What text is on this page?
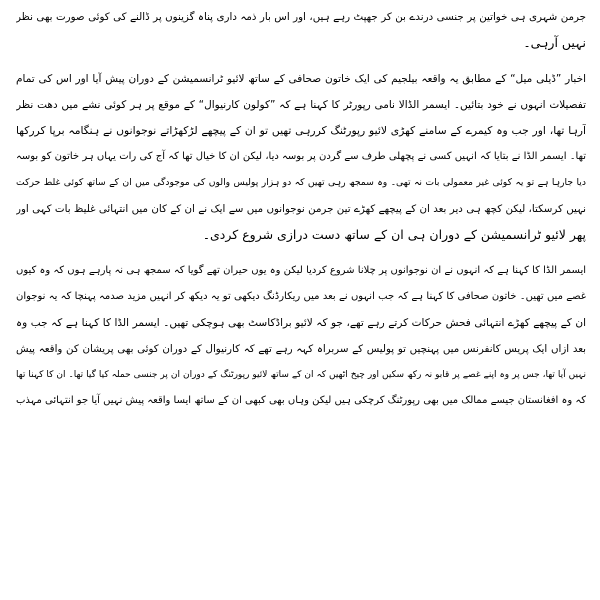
جرمن شہری ہی خواتین پر جنسی درندے بن کر جھپٹ رہے ہیں، اور اس بار ذمہ داری پناہ گزینوں پر ڈالنے کی کوئی صورت بھی نظر
نہیں آرہی۔
اخبار ”ڈیلی میل“ کے مطابق یہ واقعہ بیلجیم کی ایک خاتون صحافی کے ساتھ لائیو ٹرانسمیشن کے دوران پیش آیا اور اس کی تمام
تفصیلات انہوں نے خود بتائیں۔ ایسمر الڈالا نامی رپورٹر کا کہنا ہے کہ ”کولون کارنیوال“ کے موقع پر ہر کوئی نشے میں دھت نظر
آرہا تھا، اور جب وہ کیمرے کے سامنے کھڑی لائیو رپورٹنگ کررہی تھیں تو ان کے پیچھے لڑکھڑاتے نوجوانوں نے ہنگامہ برپا کررکھا
تھا۔ ایسمر الڈا نے بتایا کہ انہیں کسی نے پچھلی طرف سے گردن پر بوسہ دیا، لیکن ان کا خیال تھا کہ آج کی رات یہاں ہر خاتون کو بوسہ
دیا جارہا ہے تو یہ کوئی غیر معمولی بات نہ تھی۔ وہ سمجھ رہی تھیں کہ دو ہزار پولیس والوں کی موجودگی میں ان کے ساتھ کوئی غلط حرکت
نہیں کرسکتا، لیکن کچھ ہی دیر بعد ان کے پیچھے کھڑے تین جرمن نوجوانوں میں سے ایک نے ان کے کان میں انتہائی غلیظ بات کہی اور
پھر لائیو ٹرانسمیشن کے دوران ہی ان کے ساتھ دست درازی شروع کردی۔
ایسمر الڈا کا کہنا ہے کہ انہوں نے ان نوجوانوں پر چلانا شروع کردیا لیکن وہ یوں حیران تھے گویا کہ سمجھ ہی نہ پارہے ہوں کہ وہ کیوں
غصے میں تھیں۔ خاتون صحافی کا کہنا ہے کہ جب انہوں نے بعد میں ریکارڈنگ دیکھی تو یہ دیکھ کر انہیں مزید صدمہ پہنچا کہ یہ نوجوان
ان کے پیچھے کھڑے انتہائی فحش حرکات کرتے رہے تھے، جو کہ لائیو براڈکاسٹ بھی ہوچکی تھیں۔ ایسمر الڈا کا کہنا ہے کہ جب وہ
بعد ازاں ایک پریس کانفرنس میں پہنچیں تو پولیس کے سربراہ کہہ رہے تھے کہ کارنیوال کے دوران کوئی بھی پریشان کن واقعہ پیش
نہیں آیا تھا، جس پر وہ اپنے غصے پر قابو نہ رکھ سکیں اور چیخ اٹھیں کہ ان کے ساتھ لائیو رپورٹنگ کے دوران ان پر جنسی حملہ کیا گیا تھا۔ ان کا کہنا تھا
کہ وہ افغانستان جیسے ممالک میں بھی رپورٹنگ کرچکی ہیں لیکن وہاں بھی کبھی ان کے ساتھ ایسا واقعہ پیش نہیں آیا جو انتہائی مہذب
